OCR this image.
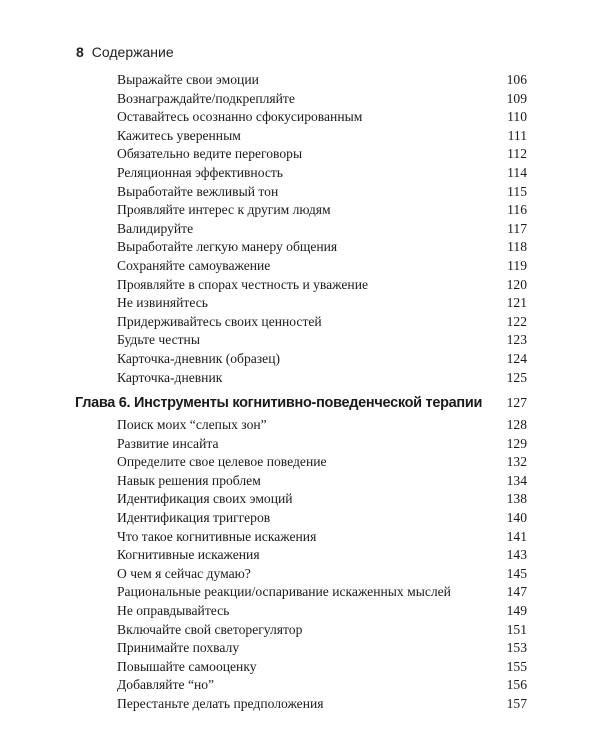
8 Содержание
Выражайте свои эмоции	106
Вознаграждайте/подкрепляйте	109
Оставайтесь осознанно сфокусированным	110
Кажитесь уверенным	111
Обязательно ведите переговоры	112
Реляционная эффективность	114
Выработайте вежливый тон	115
Проявляйте интерес к другим людям	116
Валидируйте	117
Выработайте легкую манеру общения	118
Сохраняйте самоуважение	119
Проявляйте в спорах честность и уважение	120
Не извиняйтесь	121
Придерживайтесь своих ценностей	122
Будьте честны	123
Карточка-дневник (образец)	124
Карточка-дневник	125
Глава 6. Инструменты когнитивно-поведенческой терапии 127
Поиск моих “слепых зон”	128
Развитие инсайта	129
Определите свое целевое поведение	132
Навык решения проблем	134
Идентификация своих эмоций	138
Идентификация триггеров	140
Что такое когнитивные искажения	141
Когнитивные искажения	143
О чем я сейчас думаю?	145
Рациональные реакции/оспаривание искаженных мыслей	147
Не оправдывайтесь	149
Включайте свой светорегулятор	151
Принимайте похвалу	153
Повышайте самооценку	155
Добавляйте “но”	156
Перестаньте делать предположения	157
